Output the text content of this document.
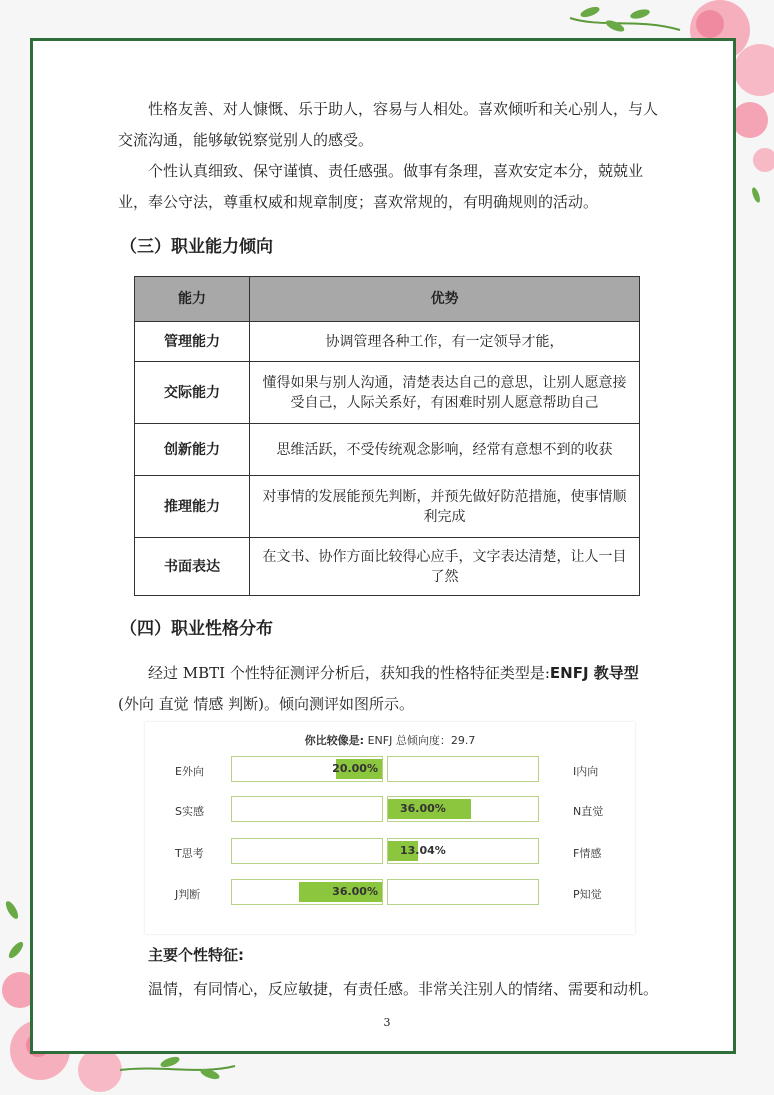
性格友善、对人慷慨、乐于助人，容易与人相处。喜欢倾听和关心别人，与人交流沟通，能够敏锐察觉别人的感受。

个性认真细致、保守谨慎、责任感强。做事有条理，喜欢安定本分，兢兢业业，奉公守法，尊重权威和规章制度；喜欢常规的，有明确规则的活动。

（三）职业能力倾向
能力	优势
管理能力	协调管理各种工作，有一定领导才能，
交际能力	懂得如果与别人沟通，清楚表达自己的意思，让别人愿意接受自己，人际关系好，有困难时别人愿意帮助自己
创新能力	思维活跃，不受传统观念影响，经常有意想不到的收获
推理能力	对事情的发展能预先判断，并预先做好防范措施，使事情顺利完成
书面表达	在文书、协作方面比较得心应手，文字表达清楚，让人一目了然
（四）职业性格分布

经过 MBTI 个性特征测评分析后，获知我的性格特征类型是:ENFJ 教导型(外向 直觉 情感 判断)。倾向测评如图所示。

你比较像是: ENFJ 总倾向度：29.7
E外向	20.00%	I内向
S实感	36.00%	N直觉
T思考	13.04%	F情感
J判断	36.00%	P知觉
主要个性特征:

温情，有同情心，反应敏捷，有责任感。非常关注别人的情绪、需要和动机。

3
